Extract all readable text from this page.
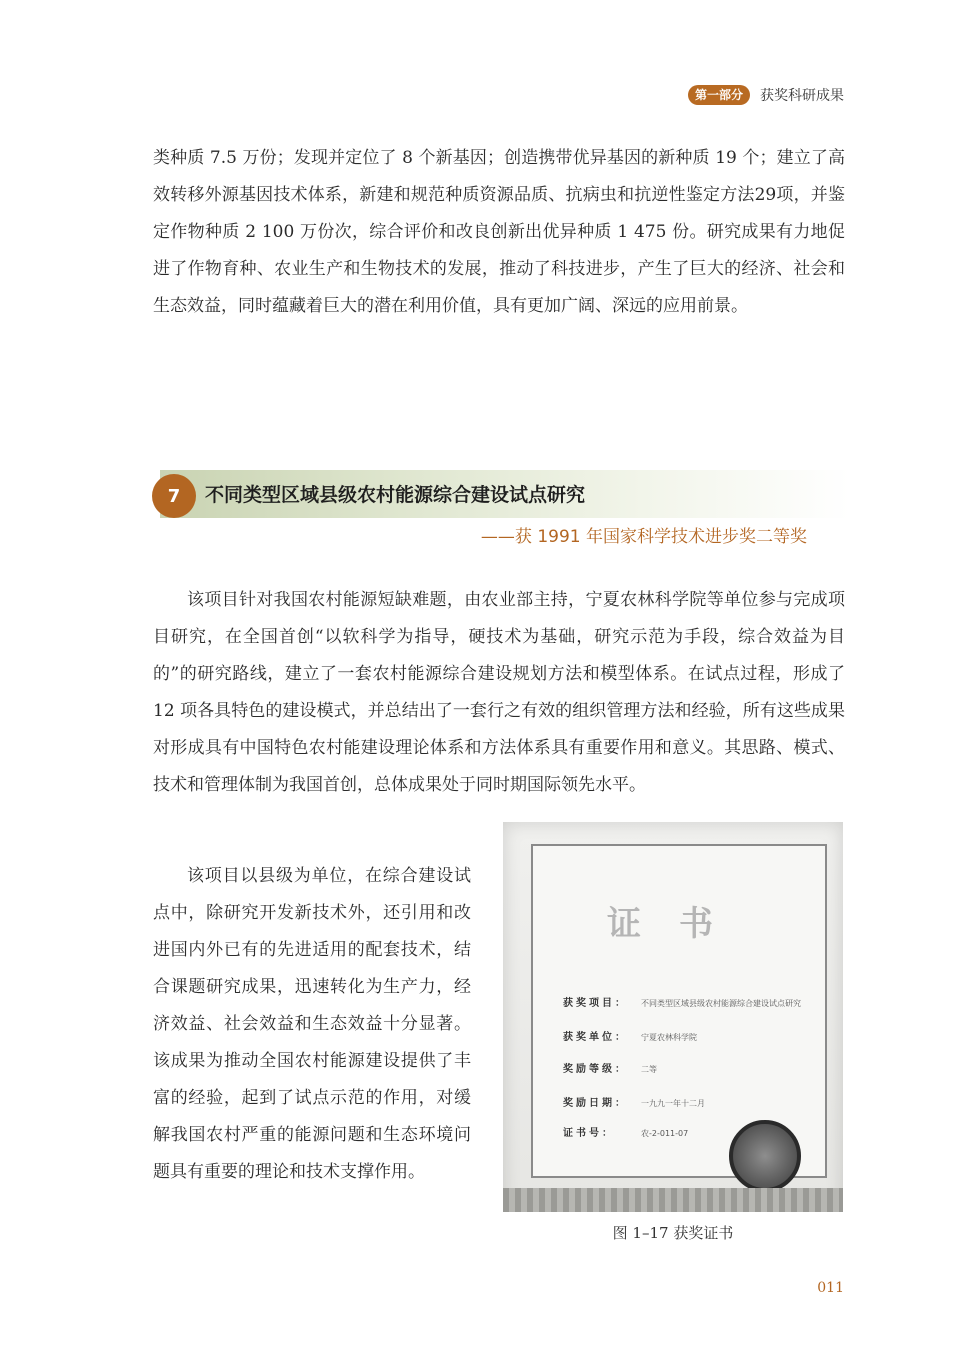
第一部分	获奖科研成果

类种质 7.5 万份；发现并定位了 8 个新基因；创造携带优异基因的新种质 19 个；建立了高效转移外源基因技术体系，新建和规范种质资源品质、抗病虫和抗逆性鉴定方法29项，并鉴定作物种质 2 100 万份次，综合评价和改良创新出优异种质 1 475 份。研究成果有力地促进了作物育种、农业生产和生物技术的发展，推动了科技进步，产生了巨大的经济、社会和生态效益，同时蕴藏着巨大的潜在利用价值，具有更加广阔、深远的应用前景。

7	不同类型区域县级农村能源综合建设试点研究
——获 1991 年国家科学技术进步奖二等奖

该项目针对我国农村能源短缺难题，由农业部主持，宁夏农林科学院等单位参与完成项目研究，在全国首创“以软科学为指导，硬技术为基础，研究示范为手段，综合效益为目的”的研究路线，建立了一套农村能源综合建设规划方法和模型体系。在试点过程，形成了 12 项各具特色的建设模式，并总结出了一套行之有效的组织管理方法和经验，所有这些成果对形成具有中国特色农村能建设理论体系和方法体系具有重要作用和意义。其思路、模式、技术和管理体制为我国首创，总体成果处于同时期国际领先水平。

该项目以县级为单位，在综合建设试点中，除研究开发新技术外，还引用和改进国内外已有的先进适用的配套技术，结合课题研究成果，迅速转化为生产力，经济效益、社会效益和生态效益十分显著。该成果为推动全国农村能源建设提供了丰富的经验，起到了试点示范的作用，对缓解我国农村严重的能源问题和生态环境问题具有重要的理论和技术支撑作用。

证书
获奖项目： 不同类型区域县级农村能源综合建设试点研究
获奖单位： 宁夏农林科学院
奖励等级： 二等
奖励日期： 一九九一年十二月
证书号：	农-2-011-07
图 1–17 获奖证书
011
